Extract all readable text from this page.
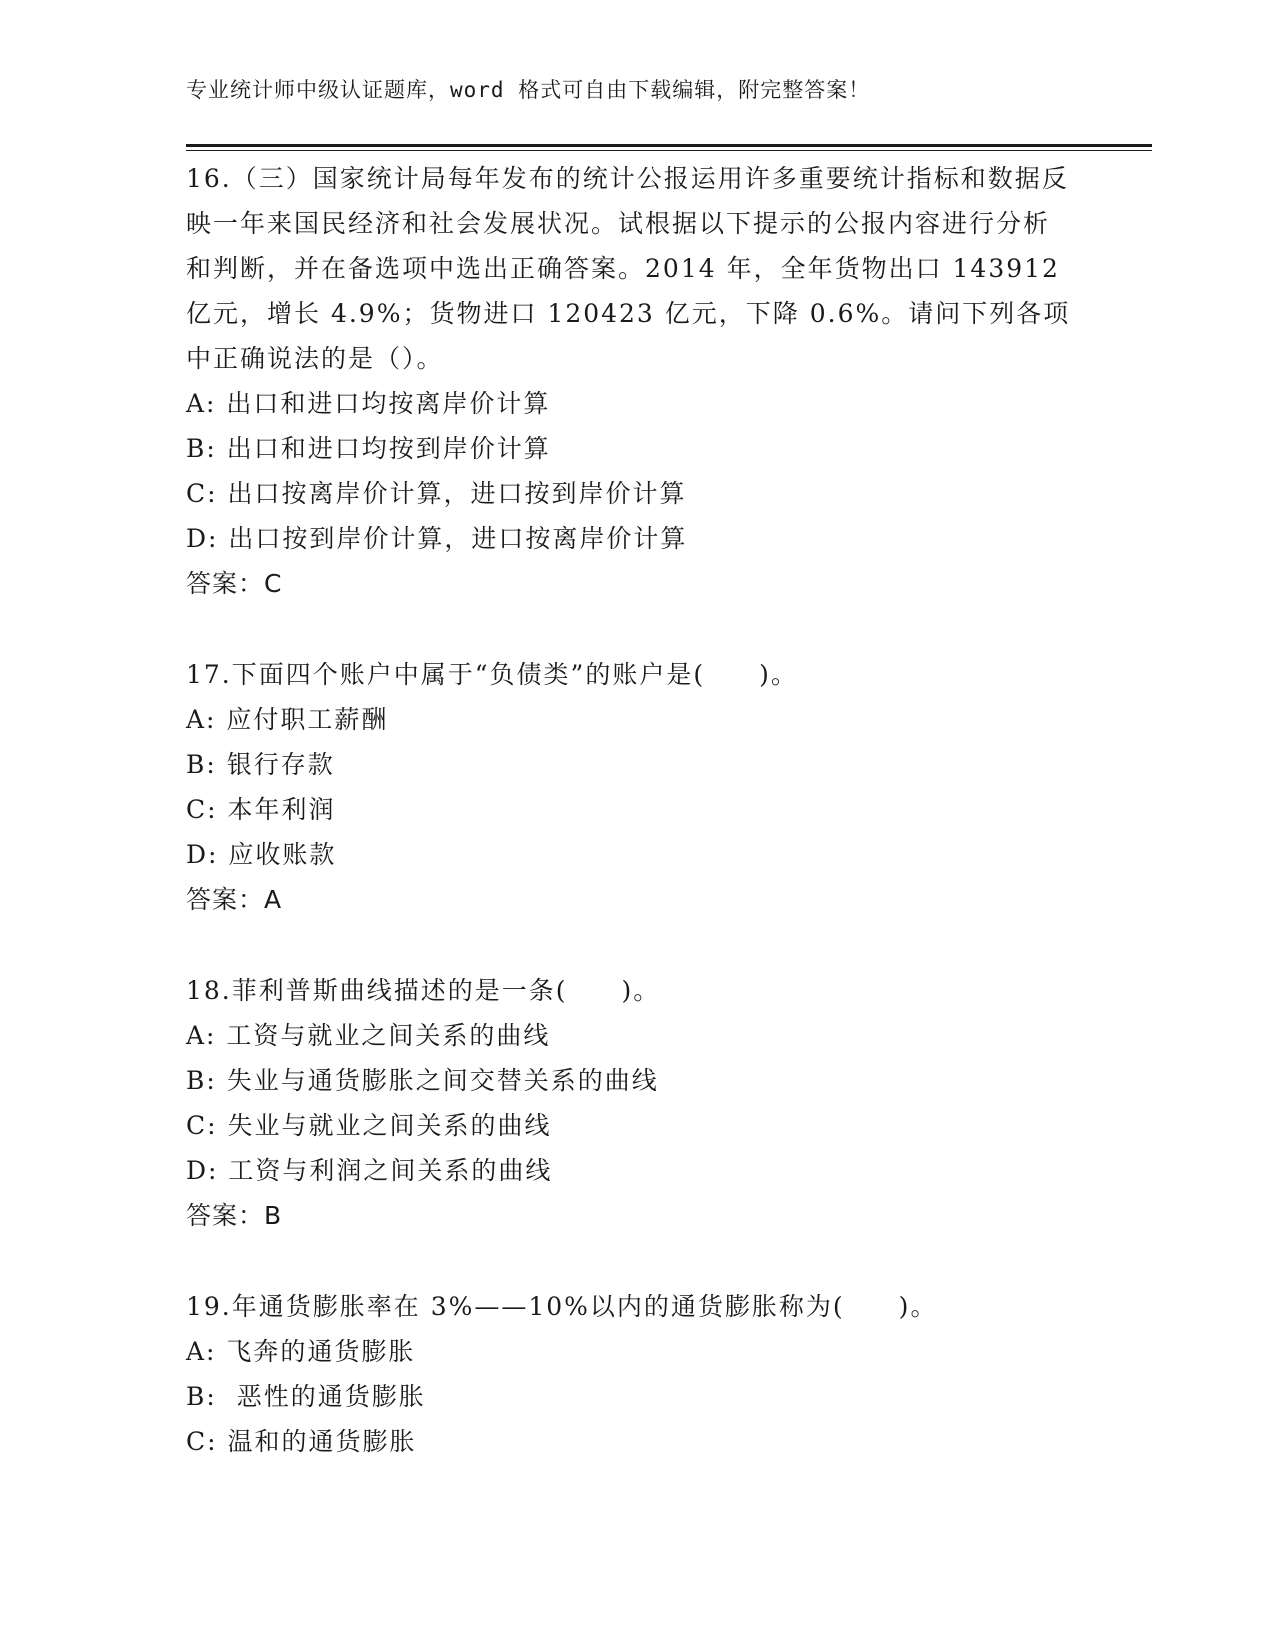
专业统计师中级认证题库，word 格式可自由下载编辑，附完整答案！

16.（三）国家统计局每年发布的统计公报运用许多重要统计指标和数据反映一年来国民经济和社会发展状况。试根据以下提示的公报内容进行分析和判断，并在备选项中选出正确答案。2014 年，全年货物出口 143912 亿元，增长 4.9%；货物进口 120423 亿元，下降 0.6%。请问下列各项中正确说法的是（）。

A: 出口和进口均按离岸价计算

B: 出口和进口均按到岸价计算

C: 出口按离岸价计算，进口按到岸价计算

D: 出口按到岸价计算，进口按离岸价计算

答案：C

17.下面四个账户中属于“负债类”的账户是(　　)。

A: 应付职工薪酬

B: 银行存款

C: 本年利润

D: 应收账款

答案：A

18.菲利普斯曲线描述的是一条(　　)。

A: 工资与就业之间关系的曲线

B: 失业与通货膨胀之间交替关系的曲线

C: 失业与就业之间关系的曲线

D: 工资与利润之间关系的曲线

答案：B

19.年通货膨胀率在 3%——10%以内的通货膨胀称为(　　)。

A: 飞奔的通货膨胀

B:  恶性的通货膨胀

C: 温和的通货膨胀
